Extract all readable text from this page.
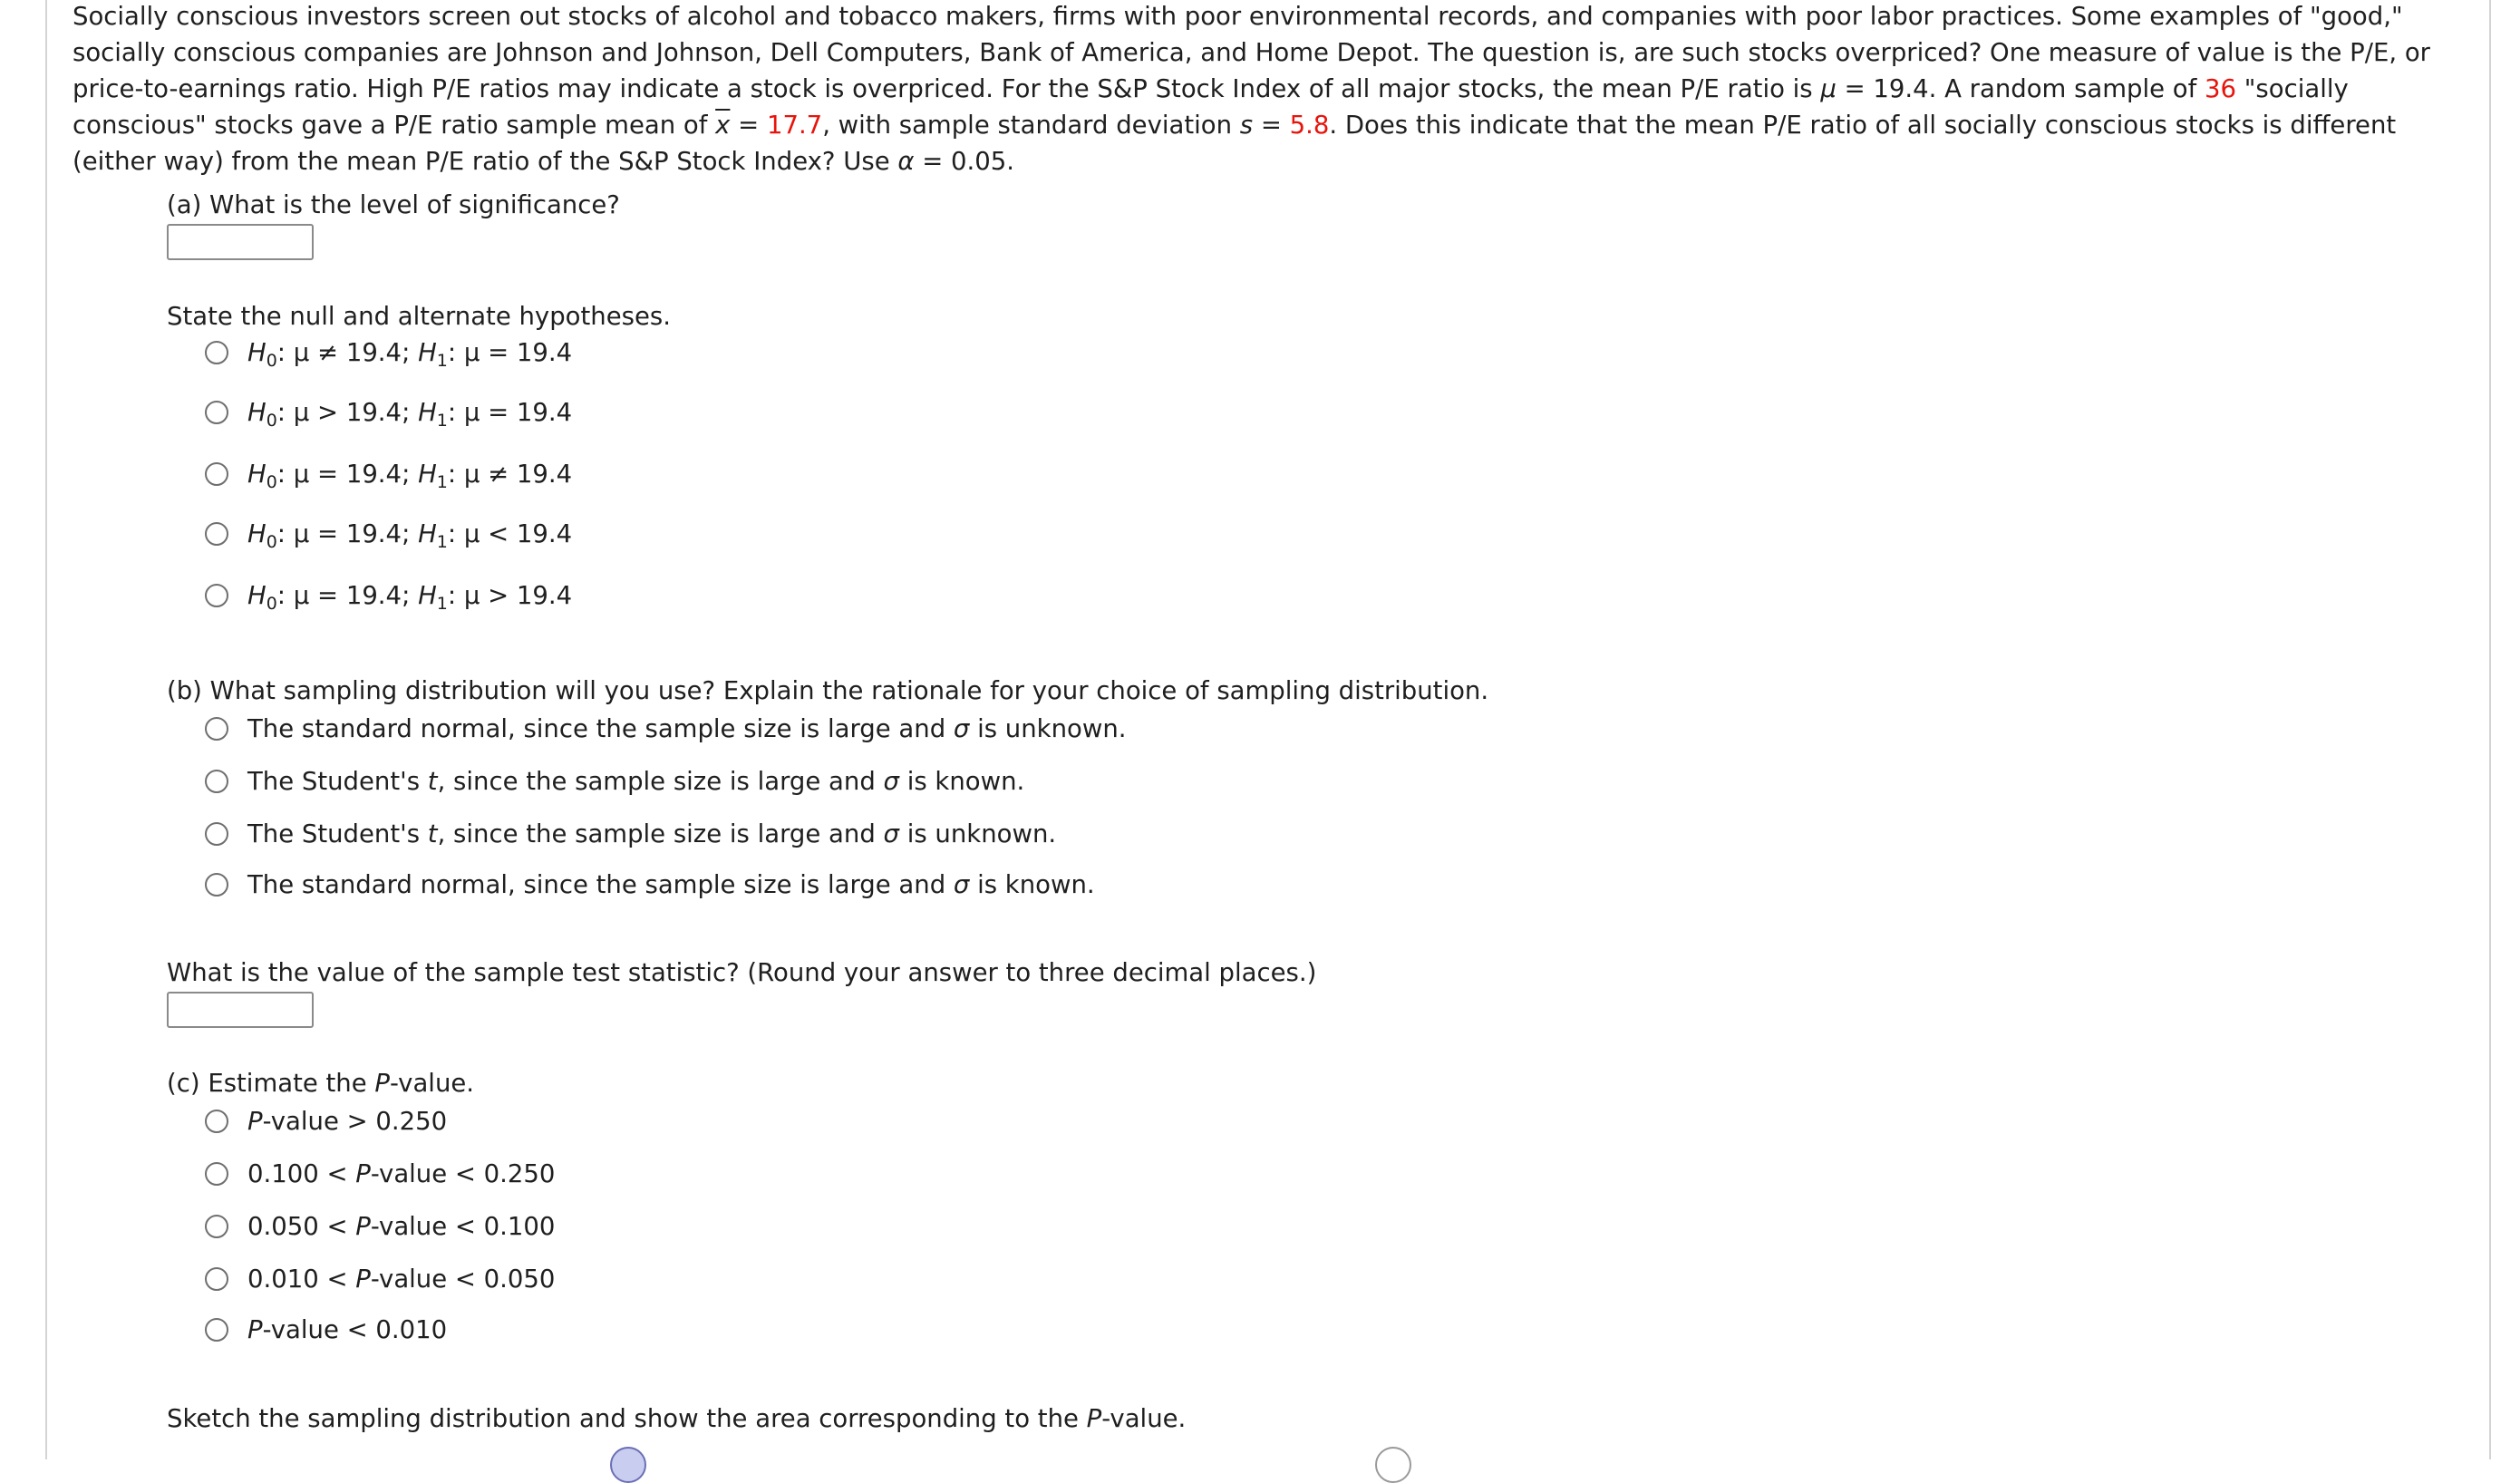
Socially conscious investors screen out stocks of alcohol and tobacco makers, firms with poor environmental records, and companies with poor labor practices. Some examples of "good," socially conscious companies are Johnson and Johnson, Dell Computers, Bank of America, and Home Depot. The question is, are such stocks overpriced? One measure of value is the P/E, or price-to-earnings ratio. High P/E ratios may indicate a stock is overpriced. For the S&P Stock Index of all major stocks, the mean P/E ratio is μ = 19.4. A random sample of 36 "socially conscious" stocks gave a P/E ratio sample mean of $\overline{x} = 17.7$, with sample standard deviation s = 5.8. Does this indicate that the mean P/E ratio of all socially conscious stocks is different (either way) from the mean P/E ratio of the S&P Stock Index? Use α = 0.05.

(a) What is the level of significance?
State the null and alternate hypotheses.
$H_0$: μ ≠ 19.4; $H_1$: μ = 19.4
$H_0$: μ > 19.4; $H_1$: μ = 19.4
$H_0$: μ = 19.4; $H_1$: μ ≠ 19.4
$H_0$: μ = 19.4; $H_1$: μ < 19.4
$H_0$: μ = 19.4; $H_1$: μ > 19.4
(b) What sampling distribution will you use? Explain the rationale for your choice of sampling distribution.
The standard normal, since the sample size is large and σ is unknown.
The Student's t, since the sample size is large and σ is known.
The Student's t, since the sample size is large and σ is unknown.
The standard normal, since the sample size is large and σ is known.
What is the value of the sample test statistic? (Round your answer to three decimal places.)
(c) Estimate the P-value.
P-value > 0.250
0.100 < P-value < 0.250
0.050 < P-value < 0.100
0.010 < P-value < 0.050
P-value < 0.010
Sketch the sampling distribution and show the area corresponding to the P-value.
